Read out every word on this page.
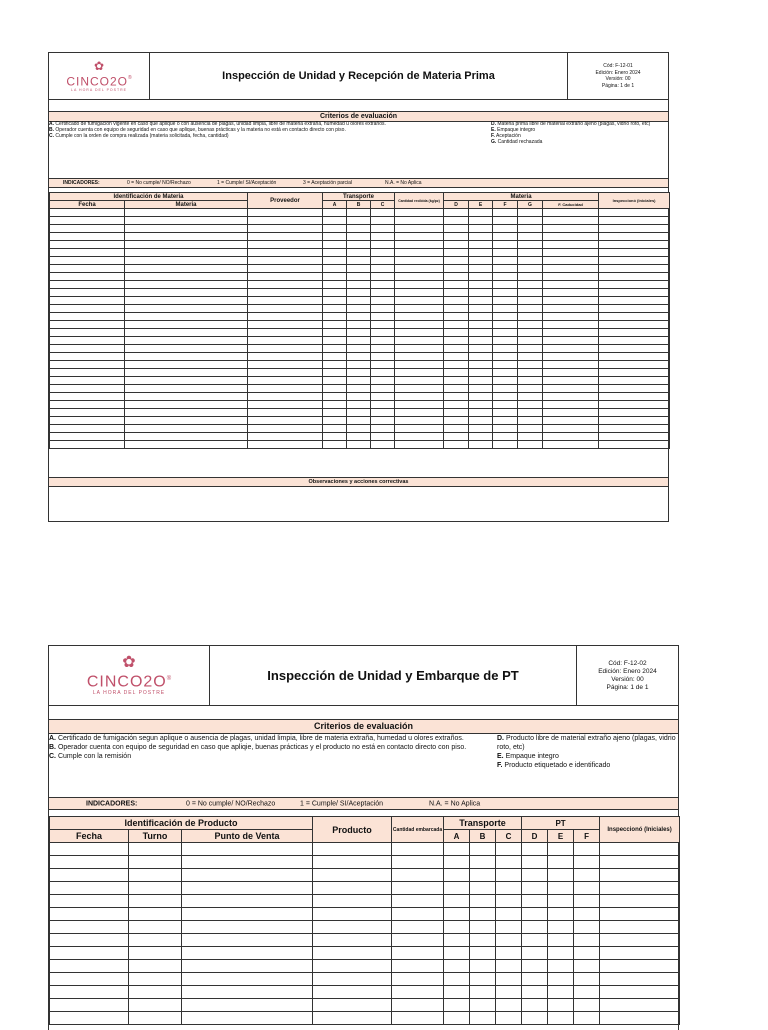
✿
CINCO2O®
LA HORA DEL POSTRE
Inspección de Unidad y Recepción de Materia Prima
Cód: F-12-01
Edición: Enero 2024
Versión: 00
Página: 1 de 1
Criterios de evaluación
A. Certificado de fumigación vigente en caso que aplique o con ausencia de plagas, unidad limpia, libre de materia extraña, humedad u olores extraños.
B. Operador cuenta con equipo de seguridad en caso que aplique, buenas prácticas y la materia no está en contacto directo con piso.
C. Cumple con la orden de compra realizada (materia solicitada, fecha, cantidad)
D. Materia prima libre de material extraño ajeno (plagas, vidrio roto, etc)
E. Empaque integro
F. Aceptación
G. Cantidad rechazada
INDICADORES:	0 = No cumple/ NO/Rechazo	1 = Cumple/ SI/Aceptación	3 = Aceptación parcial	N.A. = No Aplica
Identificación de Materia		Proveedor	Transporte			Cantidad recibida (kg/pz)	Materia					Inspeccionó (Iniciales)
Fecha	Materia		A	B	C		D	E	F	G	F. Caducidad	

Observaciones y acciones correctivas
✿
CINCO2O®
LA HORA DEL POSTRE
Inspección de Unidad y Embarque de PT
Cód: F-12-02
Edición: Enero 2024
Versión: 00
Página: 1 de 1
Criterios de evaluación
A. Certificado de fumigación segun aplique o ausencia de plagas, unidad limpia, libre de materia extraña, humedad u olores extraños.
B. Operador cuenta con equipo de seguridad en caso que apliqie, buenas prácticas y el producto no está en contacto directo con piso.
C. Cumple con la remisión
D. Producto libre de material extraño ajeno (plagas, vidrio roto, etc)
E. Empaque integro
F. Producto etiquetado e identificado
INDICADORES:	0 = No cumple/ NO/Rechazo	1 = Cumple/ SI/Aceptación	N.A. = No Aplica
Identificación de Producto			Producto	Cantidad embarcada	Transporte			PT			Inspeccionó (Iniciales)
Fecha	Turno	Punto de Venta			A	B	C	D	E	F	
